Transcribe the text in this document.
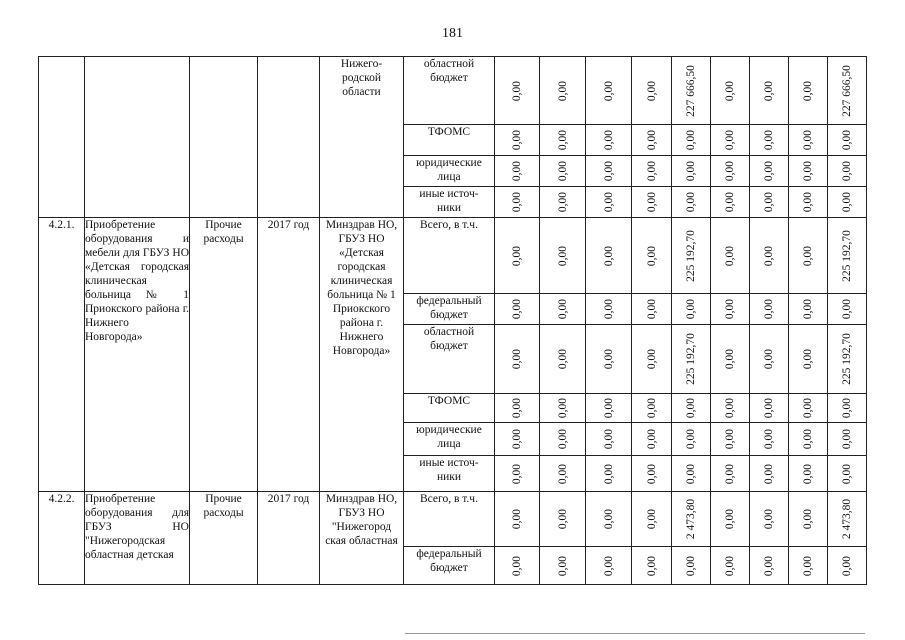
181
				Нижего-
родской
области	областной бюджет	0,00	0,00	0,00	0,00	227 666,50	0,00	0,00	0,00	227 666,50

					ТФОМС	0,00	0,00	0,00	0,00	0,00	0,00	0,00	0,00	0,00

					юридические лица	0,00	0,00	0,00	0,00	0,00	0,00	0,00	0,00	0,00

					иные источ-
ники	0,00	0,00	0,00	0,00	0,00	0,00	0,00	0,00	0,00

4.2.1.	Приобретение оборудования и мебели для ГБУЗ НО «Детская городская клиническая больница № 1 Приокского района г. Нижнего Новгорода»	Прочие расходы	2017 год	Минздрав НО, ГБУЗ НО «Детская городская клиническая больница № 1 Приокского района г. Нижнего Новгорода»	Всего, в т.ч.	0,00	0,00	0,00	0,00	225 192,70	0,00	0,00	0,00	225 192,70

					федеральный бюджет	0,00	0,00	0,00	0,00	0,00	0,00	0,00	0,00	0,00

					областной бюджет	0,00	0,00	0,00	0,00	225 192,70	0,00	0,00	0,00	225 192,70

					ТФОМС	0,00	0,00	0,00	0,00	0,00	0,00	0,00	0,00	0,00

					юридические лица	0,00	0,00	0,00	0,00	0,00	0,00	0,00	0,00	0,00

					иные источ-
ники	0,00	0,00	0,00	0,00	0,00	0,00	0,00	0,00	0,00

4.2.2.	Приобретение оборудования для ГБУЗ НО "Нижегородская областная детская	Прочие расходы	2017 год	Минздрав НО, ГБУЗ НО "Нижегород ская областная	Всего, в т.ч.	0,00	0,00	0,00	0,00	2 473,80	0,00	0,00	0,00	2 473,80

					федеральный бюджет	0,00	0,00	0,00	0,00	0,00	0,00	0,00	0,00	0,00
